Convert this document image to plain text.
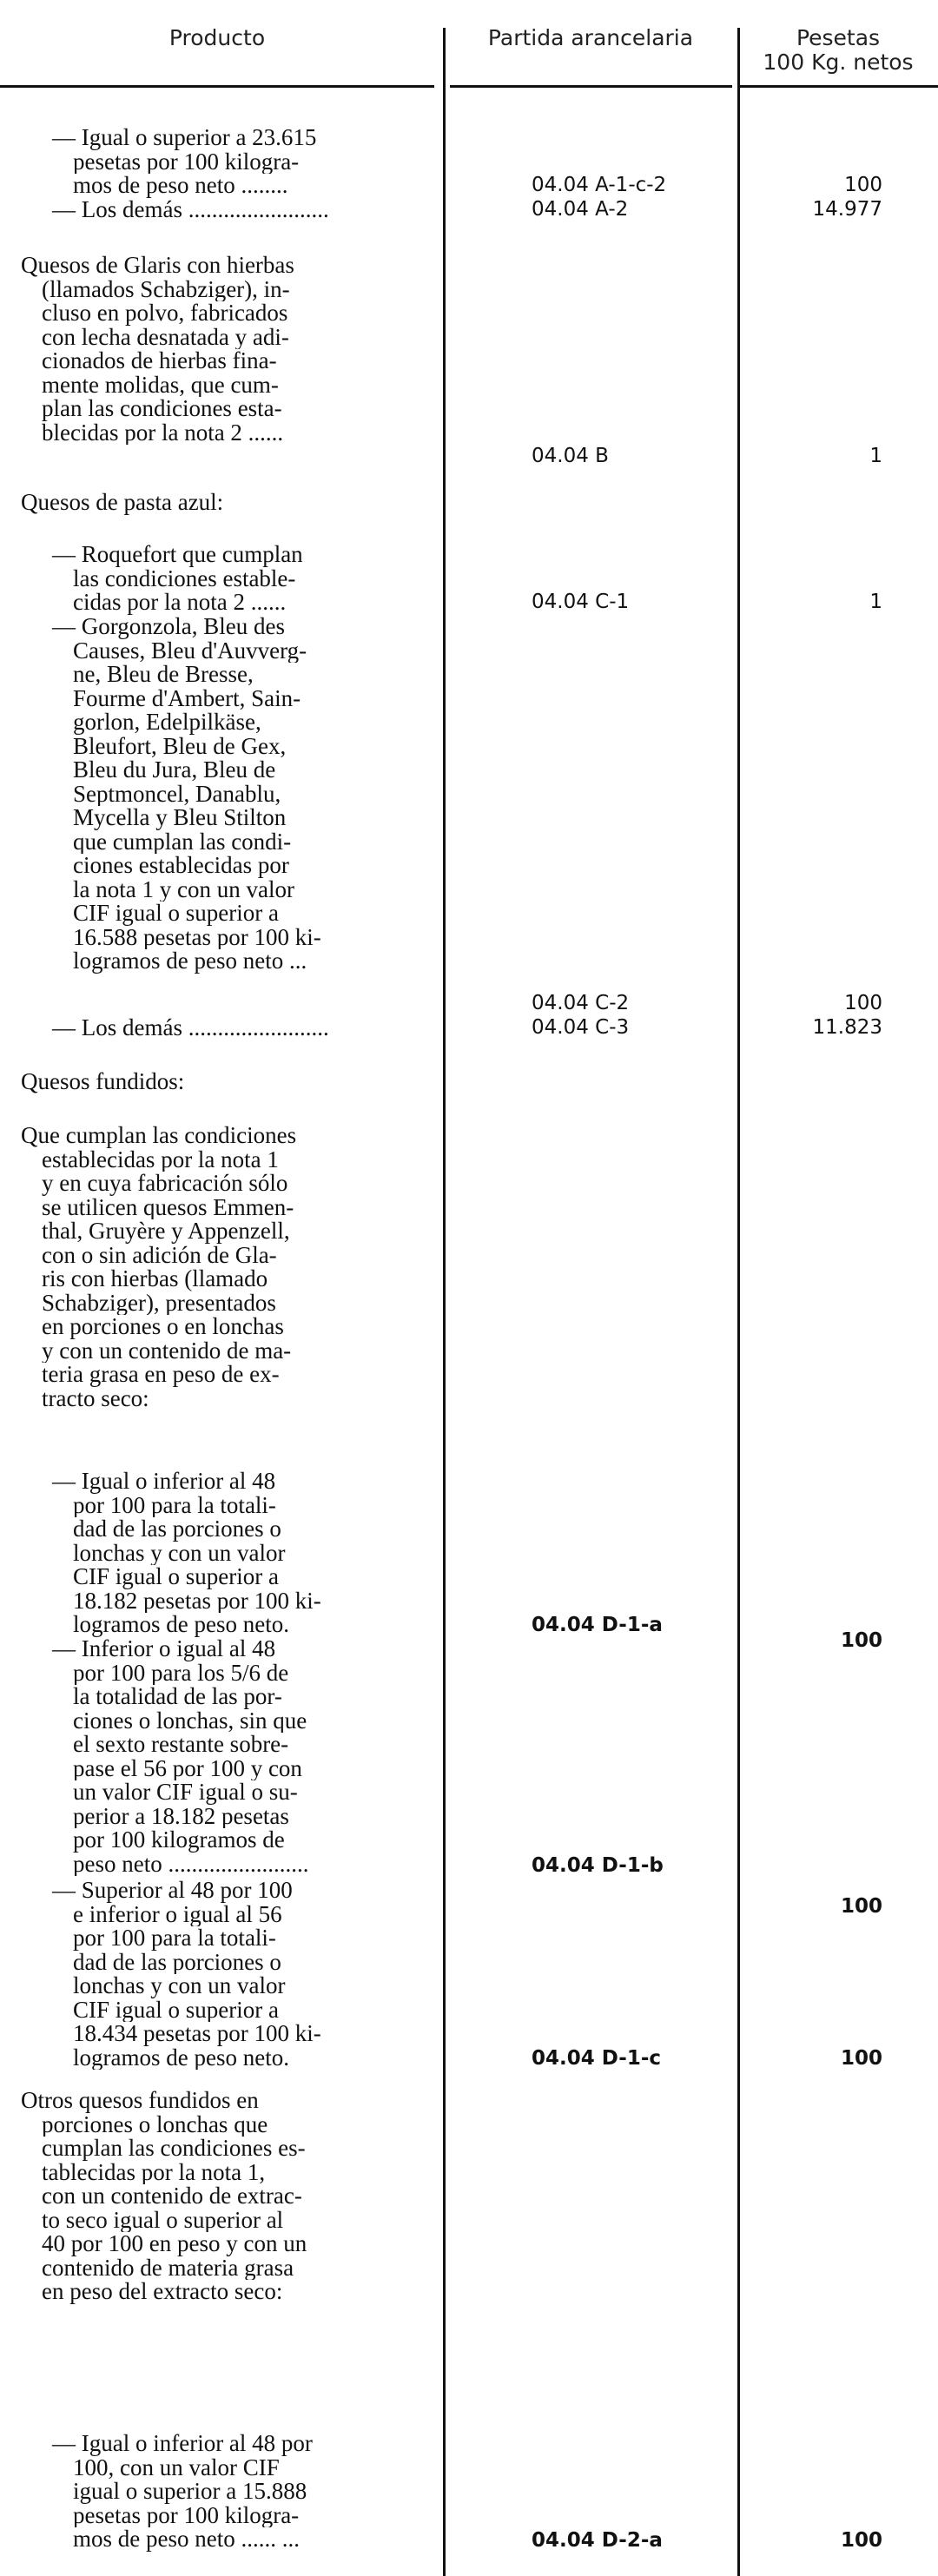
Producto	Partida arancelaria	Pesetas
100 Kg. netos
— Igual o superior a 23.615
pesetas por 100 kilogra-
mos de peso neto ........
— Los demás ........................
Quesos de Glaris con hierbas
(llamados Schabziger), in-
cluso en polvo, fabricados
con lecha desnatada y adi-
cionados de hierbas fina-
mente molidas, que cum-
plan las condiciones esta-
blecidas por la nota 2 ......
Quesos de pasta azul:
— Roquefort que cumplan
las condiciones estable-
cidas por la nota 2 ......
— Gorgonzola, Bleu des
Causes, Bleu d'Auvverg-
ne, Bleu de Bresse,
Fourme d'Ambert, Sain-
gorlon, Edelpilkäse,
Bleufort, Bleu de Gex,
Bleu du Jura, Bleu de
Septmoncel, Danablu,
Mycella y Bleu Stilton
que cumplan las condi-
ciones establecidas por
la nota 1 y con un valor
CIF igual o superior a
16.588 pesetas por 100 ki-
logramos de peso neto ...
— Los demás ........................
Quesos fundidos:
Que cumplan las condiciones
establecidas por la nota 1
y en cuya fabricación sólo
se utilicen quesos Emmen-
thal, Gruyère y Appenzell,
con o sin adición de Gla-
ris con hierbas (llamado
Schabziger), presentados
en porciones o en lonchas
y con un contenido de ma-
teria grasa en peso de ex-
tracto seco:
— Igual o inferior al 48
por 100 para la totali-
dad de las porciones o
lonchas y con un valor
CIF igual o superior a
18.182 pesetas por 100 ki-
logramos de peso neto.
— Inferior o igual al 48
por 100 para los 5/6 de
la totalidad de las por-
ciones o lonchas, sin que
el sexto restante sobre-
pase el 56 por 100 y con
un valor CIF igual o su-
perior a 18.182 pesetas
por 100 kilogramos de
peso neto ........................
— Superior al 48 por 100
e inferior o igual al 56
por 100 para la totali-
dad de las porciones o
lonchas y con un valor
CIF igual o superior a
18.434 pesetas por 100 ki-
logramos de peso neto.
Otros quesos fundidos en
porciones o lonchas que
cumplan las condiciones es-
tablecidas por la nota 1,
con un contenido de extrac-
to seco igual o superior al
40 por 100 en peso y con un
contenido de materia grasa
en peso del extracto seco:
— Igual o inferior al 48 por
100, con un valor CIF
igual o superior a 15.888
pesetas por 100 kilogra-
mos de peso neto ...... ...
04.04 A-1-c-2
04.04 A-2
04.04 B
04.04 C-1
04.04 C-2
04.04 C-3
04.04 D-1-a
04.04 D-1-b
04.04 D-1-c
04.04 D-2-a
100
14.977
1
1
100
11.823
100
100
100
100
